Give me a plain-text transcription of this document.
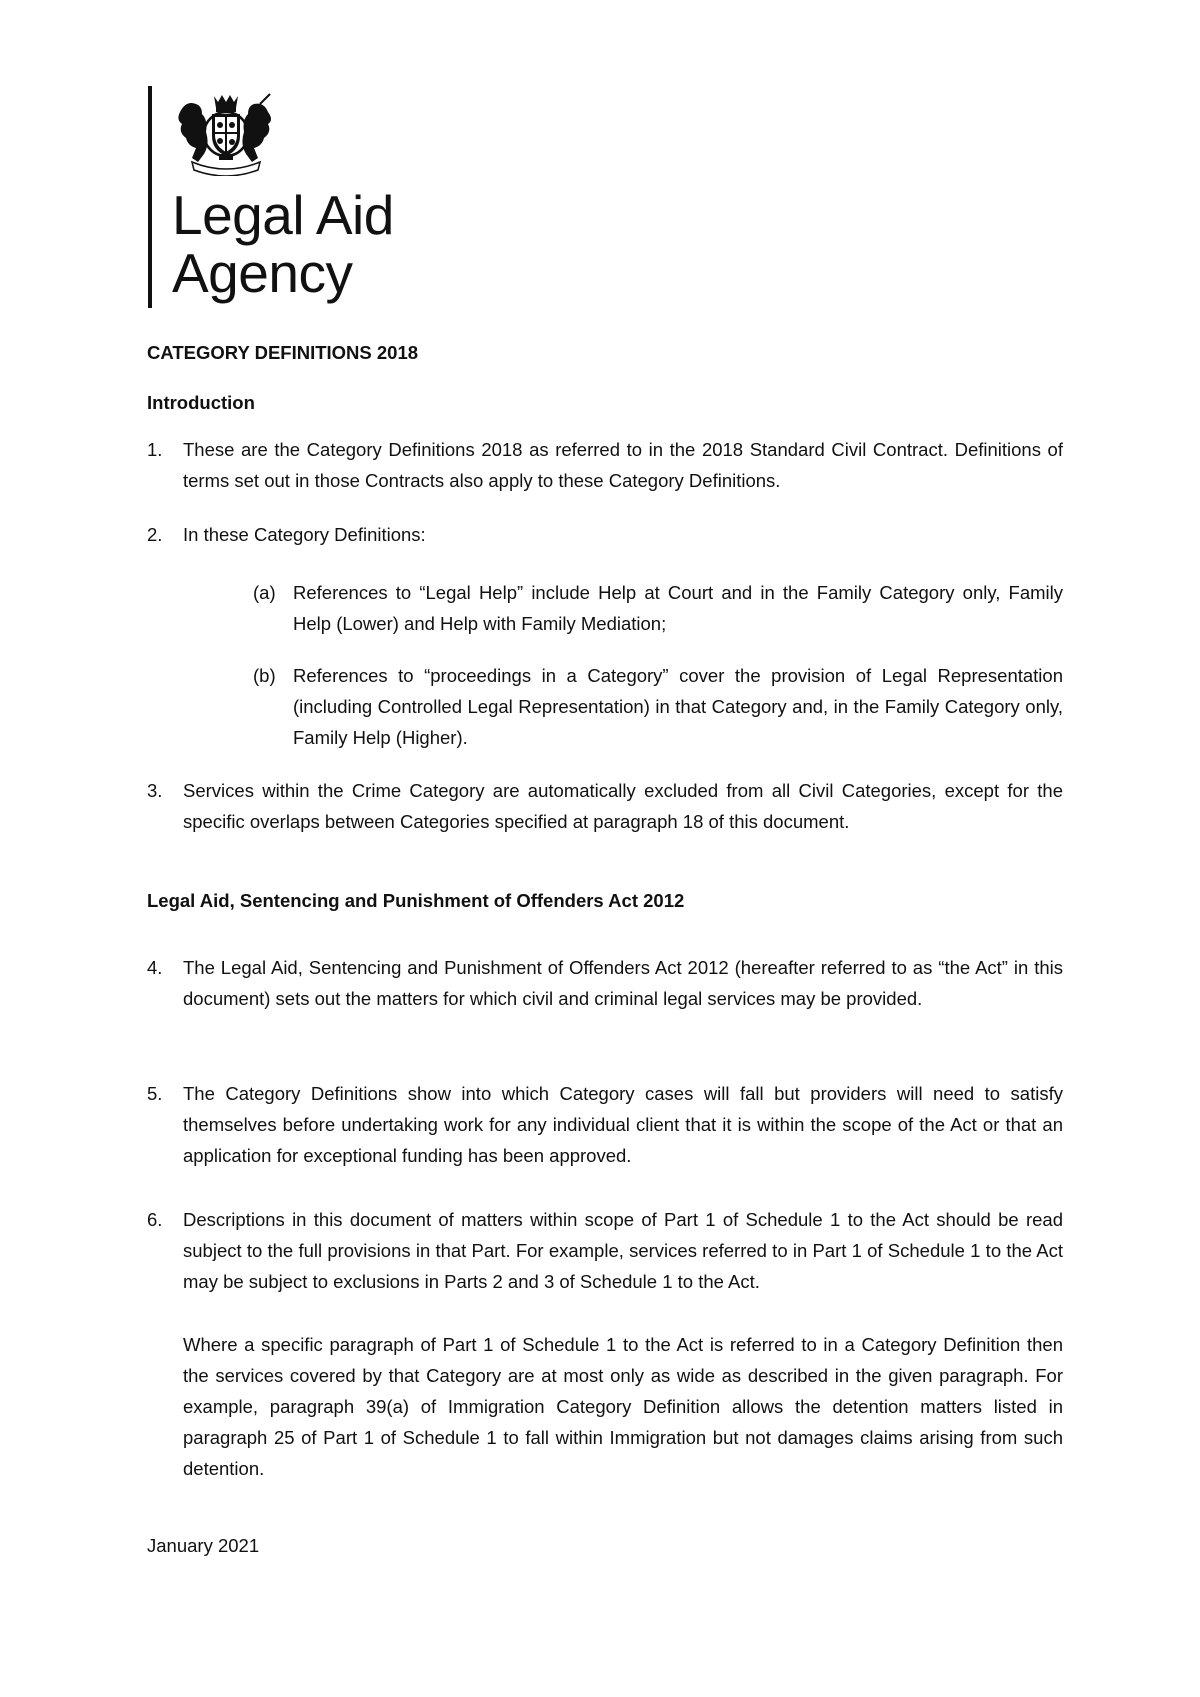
Legal Aid
Agency
CATEGORY DEFINITIONS 2018
Introduction
1.	These are the Category Definitions 2018 as referred to in the 2018 Standard Civil Contract. Definitions of terms set out in those Contracts also apply to these Category Definitions.
2.	In these Category Definitions:
(a) References to “Legal Help” include Help at Court and in the Family Category only, Family Help (Lower) and Help with Family Mediation;
(b) References to “proceedings in a Category” cover the provision of Legal Representation (including Controlled Legal Representation) in that Category and, in the Family Category only, Family Help (Higher).
3.	Services within the Crime Category are automatically excluded from all Civil Categories, except for the specific overlaps between Categories specified at paragraph 18 of this document.
Legal Aid, Sentencing and Punishment of Offenders Act 2012
4.	The Legal Aid, Sentencing and Punishment of Offenders Act 2012 (hereafter referred to as “the Act” in this document) sets out the matters for which civil and criminal legal services may be provided.
5.	The Category Definitions show into which Category cases will fall but providers will need to satisfy themselves before undertaking work for any individual client that it is within the scope of the Act or that an application for exceptional funding has been approved.
6.	Descriptions in this document of matters within scope of Part 1 of Schedule 1 to the Act should be read subject to the full provisions in that Part. For example, services referred to in Part 1 of Schedule 1 to the Act may be subject to exclusions in Parts 2 and 3 of Schedule 1 to the Act.
Where a specific paragraph of Part 1 of Schedule 1 to the Act is referred to in a Category Definition then the services covered by that Category are at most only as wide as described in the given paragraph. For example, paragraph 39(a) of Immigration Category Definition allows the detention matters listed in paragraph 25 of Part 1 of Schedule 1 to fall within Immigration but not damages claims arising from such detention.
January 2021
